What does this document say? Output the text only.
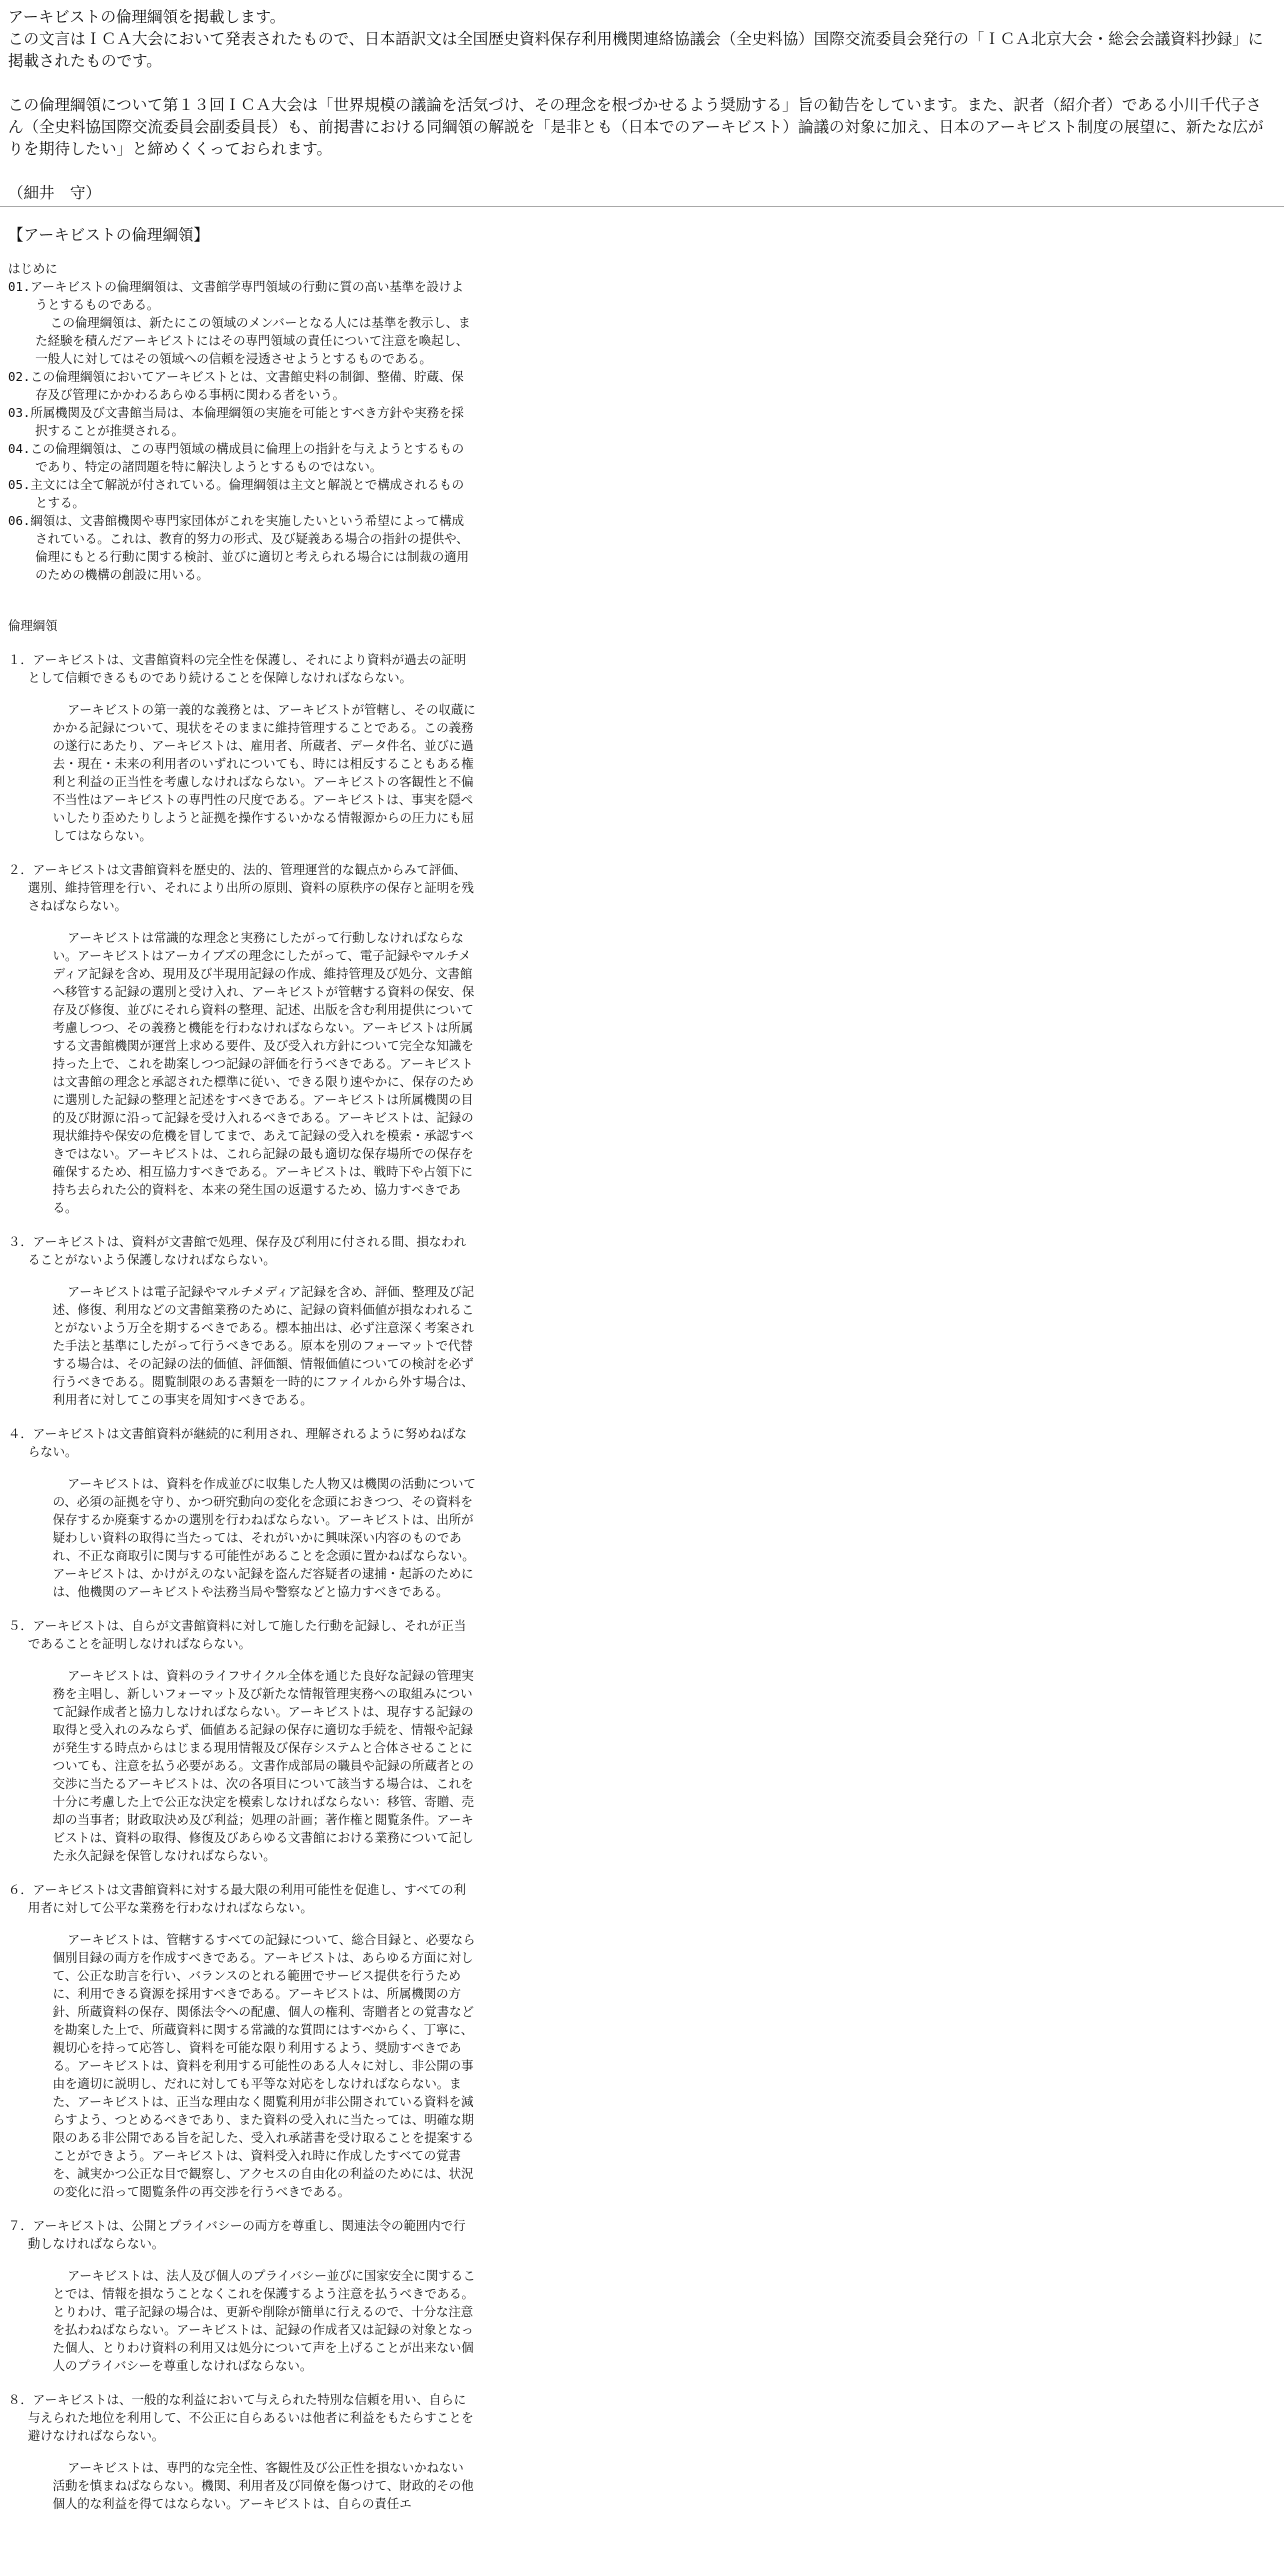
アーキビストの倫理綱領を掲載します。

この文言はＩＣＡ大会において発表されたもので、日本語訳文は全国歴史資料保存利用機関連絡協議会（全史料協）国際交流委員会発行の「ＩＣＡ北京大会・総会会議資料抄録」に掲載されたものです。

この倫理綱領について第１３回ＩＣＡ大会は「世界規模の議論を活気づけ、その理念を根づかせるよう奨励する」旨の勧告をしています。また、訳者（紹介者）である小川千代子さん（全史料協国際交流委員会副委員長）も、前掲書における同綱領の解説を「是非とも（日本でのアーキビスト）論議の対象に加え、日本のアーキビスト制度の展望に、新たな広がりを期待したい」と締めくくっておられます。

（細井　守）

【アーキビストの倫理綱領】

はじめに

01.アーキビストの倫理綱領は、文書館学専門領域の行動に質の高い基準を設けようとするものである。

この倫理綱領は、新たにこの領域のメンバーとなる人には基準を教示し、また経験を積んだアーキビストにはその専門領域の責任について注意を喚起し、一般人に対してはその領域への信頼を浸透させようとするものである。

02.この倫理綱領においてアーキビストとは、文書館史料の制御、整備、貯蔵、保存及び管理にかかわるあらゆる事柄に関わる者をいう。

03.所属機関及び文書館当局は、本倫理綱領の実施を可能とすべき方針や実務を採択することが推奨される。

04.この倫理綱領は、この専門領域の構成員に倫理上の指針を与えようとするものであり、特定の諸問題を特に解決しようとするものではない。

05.主文には全て解説が付されている。倫理綱領は主文と解説とで構成されるものとする。

06.綱領は、文書館機関や専門家団体がこれを実施したいという希望によって構成されている。これは、教育的努力の形式、及び疑義ある場合の指針の提供や、倫理にもとる行動に関する検討、並びに適切と考えられる場合には制裁の適用のための機構の創設に用いる。

倫理綱領

１．アーキビストは、文書館資料の完全性を保護し、それにより資料が過去の証明として信頼できるものであり続けることを保障しなければならない。

アーキビストの第一義的な義務とは、アーキビストが管轄し、その収蔵にかかる記録について、現状をそのままに維持管理することである。この義務の遂行にあたり、アーキビストは、雇用者、所蔵者、データ件名、並びに過去・現在・未来の利用者のいずれについても、時には相反することもある権利と利益の正当性を考慮しなければならない。アーキビストの客観性と不偏不当性はアーキビストの専門性の尺度である。アーキビストは、事実を隠ぺいしたり歪めたりしようと証拠を操作するいかなる情報源からの圧力にも屈してはならない。

２．アーキビストは文書館資料を歴史的、法的、管理運営的な観点からみて評価、選別、維持管理を行い、それにより出所の原則、資料の原秩序の保存と証明を残さねばならない。

アーキビストは常識的な理念と実務にしたがって行動しなければならない。アーキビストはアーカイブズの理念にしたがって、電子記録やマルチメディア記録を含め、現用及び半現用記録の作成、維持管理及び処分、文書館へ移管する記録の選別と受け入れ、アーキビストが管轄する資料の保安、保存及び修復、並びにそれら資料の整理、記述、出版を含む利用提供について考慮しつつ、その義務と機能を行わなければならない。アーキビストは所属する文書館機関が運営上求める要件、及び受入れ方針について完全な知識を持った上で、これを勘案しつつ記録の評価を行うべきである。アーキビストは文書館の理念と承認された標準に従い、できる限り速やかに、保存のために選別した記録の整理と記述をすべきである。アーキビストは所属機関の目的及び財源に沿って記録を受け入れるべきである。アーキビストは、記録の現状維持や保安の危機を冒してまで、あえて記録の受入れを模索・承認すべきではない。アーキビストは、これら記録の最も適切な保存場所での保存を確保するため、相互協力すべきである。アーキビストは、戦時下や占領下に持ち去られた公的資料を、本来の発生国の返還するため、協力すべきである。

３．アーキビストは、資料が文書館で処理、保存及び利用に付される間、損なわれることがないよう保護しなければならない。

アーキビストは電子記録やマルチメディア記録を含め、評価、整理及び記述、修復、利用などの文書館業務のために、記録の資料価値が損なわれることがないよう万全を期するべきである。標本抽出は、必ず注意深く考案された手法と基準にしたがって行うべきである。原本を別のフォーマットで代替する場合は、その記録の法的価値、評価額、情報価値についての検討を必ず行うべきである。閲覧制限のある書類を一時的にファイルから外す場合は、利用者に対してこの事実を周知すべきである。

４．アーキビストは文書館資料が継続的に利用され、理解されるように努めねばならない。

アーキビストは、資料を作成並びに収集した人物又は機関の活動についての、必須の証拠を守り、かつ研究動向の変化を念頭におきつつ、その資料を保存するか廃棄するかの選別を行わねばならない。アーキビストは、出所が疑わしい資料の取得に当たっては、それがいかに興味深い内容のものであれ、不正な商取引に関与する可能性があることを念頭に置かねばならない。アーキビストは、かけがえのない記録を盗んだ容疑者の逮捕・起訴のためには、他機関のアーキビストや法務当局や警察などと協力すべきである。

５．アーキビストは、自らが文書館資料に対して施した行動を記録し、それが正当であることを証明しなければならない。

アーキビストは、資料のライフサイクル全体を通じた良好な記録の管理実務を主唱し、新しいフォーマット及び新たな情報管理実務への取組みについて記録作成者と協力しなければならない。アーキビストは、現存する記録の取得と受入れのみならず、価値ある記録の保存に適切な手続を、情報や記録が発生する時点からはじまる現用情報及び保存システムと合体させることについても、注意を払う必要がある。文書作成部局の職員や記録の所蔵者との交渉に当たるアーキビストは、次の各項目について該当する場合は、これを十分に考慮した上で公正な決定を模索しなければならない：移管、寄贈、売却の当事者；財政取決め及び利益；処理の計画；著作権と閲覧条件。アーキビストは、資料の取得、修復及びあらゆる文書館における業務について記した永久記録を保管しなければならない。

６．アーキビストは文書館資料に対する最大限の利用可能性を促進し、すべての利用者に対して公平な業務を行わなければならない。

アーキビストは、管轄するすべての記録について、総合目録と、必要なら個別目録の両方を作成すべきである。アーキビストは、あらゆる方面に対して、公正な助言を行い、バランスのとれる範囲でサービス提供を行うために、利用できる資源を採用すべきである。アーキビストは、所属機関の方針、所蔵資料の保存、関係法令への配慮、個人の権利、寄贈者との覚書などを勘案した上で、所蔵資料に関する常識的な質問にはすべからく、丁寧に、親切心を持って応答し、資料を可能な限り利用するよう、奨励すべきである。アーキビストは、資料を利用する可能性のある人々に対し、非公開の事由を適切に説明し、だれに対しても平等な対応をしなければならない。また、アーキビストは、正当な理由なく閲覧利用が非公開されている資料を減らすよう、つとめるべきであり、また資料の受入れに当たっては、明確な期限のある非公開である旨を記した、受入れ承諾書を受け取ることを提案することができよう。アーキビストは、資料受入れ時に作成したすべての覚書を、誠実かつ公正な目で観察し、アクセスの自由化の利益のためには、状況の変化に沿って閲覧条件の再交渉を行うべきである。

７．アーキビストは、公開とプライバシーの両方を尊重し、関連法令の範囲内で行動しなければならない。

アーキビストは、法人及び個人のプライバシー並びに国家安全に関することでは、情報を損なうことなくこれを保護するよう注意を払うべきである。とりわけ、電子記録の場合は、更新や削除が簡単に行えるので、十分な注意を払わねばならない。アーキビストは、記録の作成者又は記録の対象となった個人、とりわけ資料の利用又は処分について声を上げることが出来ない個人のプライバシーを尊重しなければならない。

８．アーキビストは、一般的な利益において与えられた特別な信頼を用い、自らに与えられた地位を利用して、不公正に自らあるいは他者に利益をもたらすことを避けなければならない。

アーキビストは、専門的な完全性、客観性及び公正性を損ないかねない活動を慎まねばならない。機関、利用者及び同僚を傷つけて、財政的その他個人的な利益を得てはならない。アーキビストは、自らの責任エ
